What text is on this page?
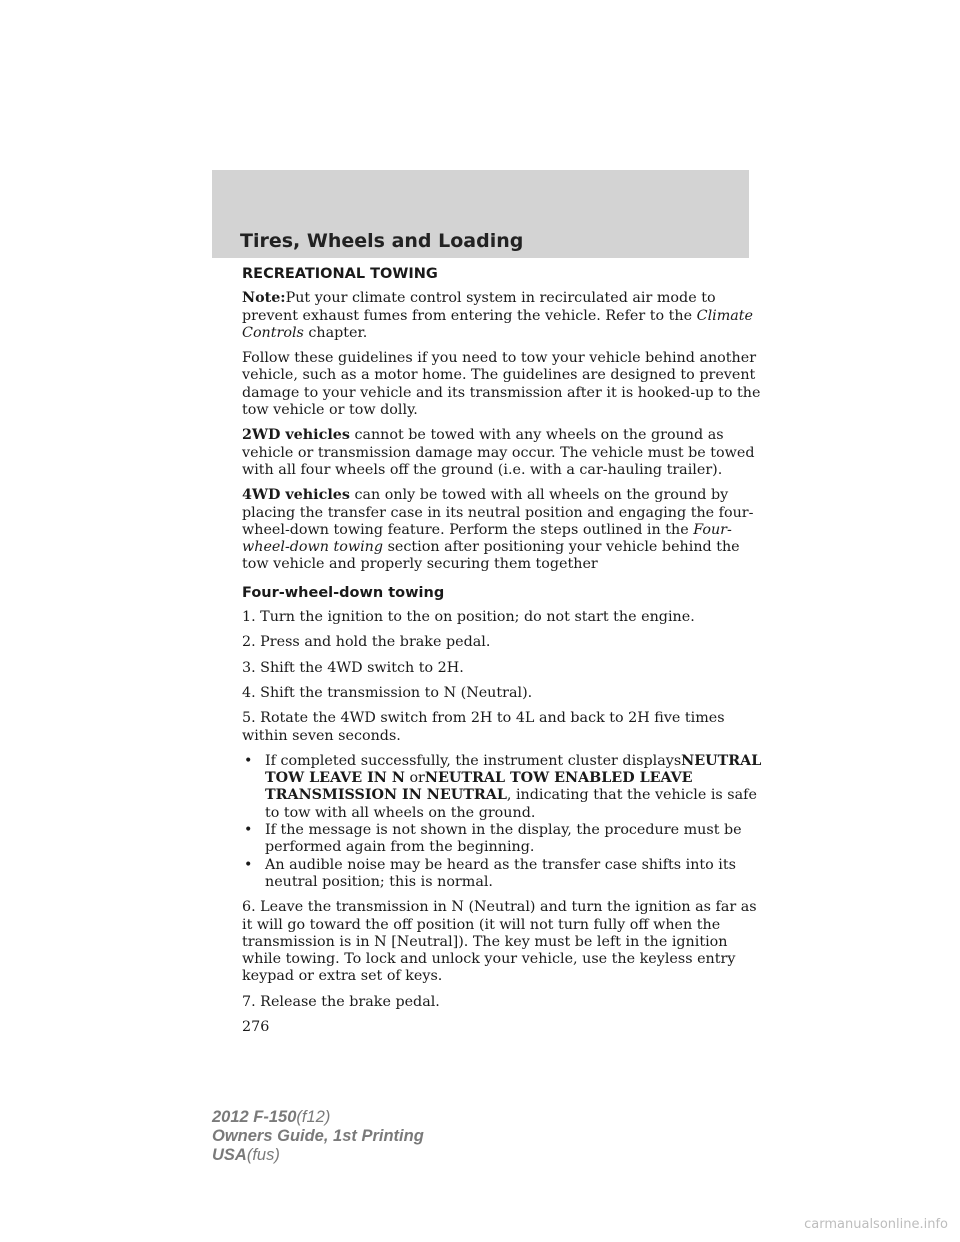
Tires, Wheels and Loading
RECREATIONAL TOWING

Note:Put your climate control system in recirculated air mode to prevent exhaust fumes from entering the vehicle. Refer to the Climate Controls chapter.

Follow these guidelines if you need to tow your vehicle behind another vehicle, such as a motor home. The guidelines are designed to prevent damage to your vehicle and its transmission after it is hooked-up to the tow vehicle or tow dolly.

2WD vehicles cannot be towed with any wheels on the ground as vehicle or transmission damage may occur. The vehicle must be towed with all four wheels off the ground (i.e. with a car-hauling trailer).

4WD vehicles can only be towed with all wheels on the ground by placing the transfer case in its neutral position and engaging the four-wheel-down towing feature. Perform the steps outlined in the Four-wheel-down towing section after positioning your vehicle behind the tow vehicle and properly securing them together

Four-wheel-down towing

1. Turn the ignition to the on position; do not start the engine.

2. Press and hold the brake pedal.

3. Shift the 4WD switch to 2H.

4. Shift the transmission to N (Neutral).

5. Rotate the 4WD switch from 2H to 4L and back to 2H five times within seven seconds.

• If completed successfully, the instrument cluster displaysNEUTRAL TOW LEAVE IN N orNEUTRAL TOW ENABLED LEAVE TRANSMISSION IN NEUTRAL, indicating that the vehicle is safe to tow with all wheels on the ground.
• If the message is not shown in the display, the procedure must be performed again from the beginning.
• An audible noise may be heard as the transfer case shifts into its neutral position; this is normal.

6. Leave the transmission in N (Neutral) and turn the ignition as far as it will go toward the off position (it will not turn fully off when the transmission is in N [Neutral]). The key must be left in the ignition while towing. To lock and unlock your vehicle, use the keyless entry keypad or extra set of keys.

7. Release the brake pedal.

276
2012 F-150(f12)
Owners Guide, 1st Printing
USA(fus)
carmanualsonline.info
